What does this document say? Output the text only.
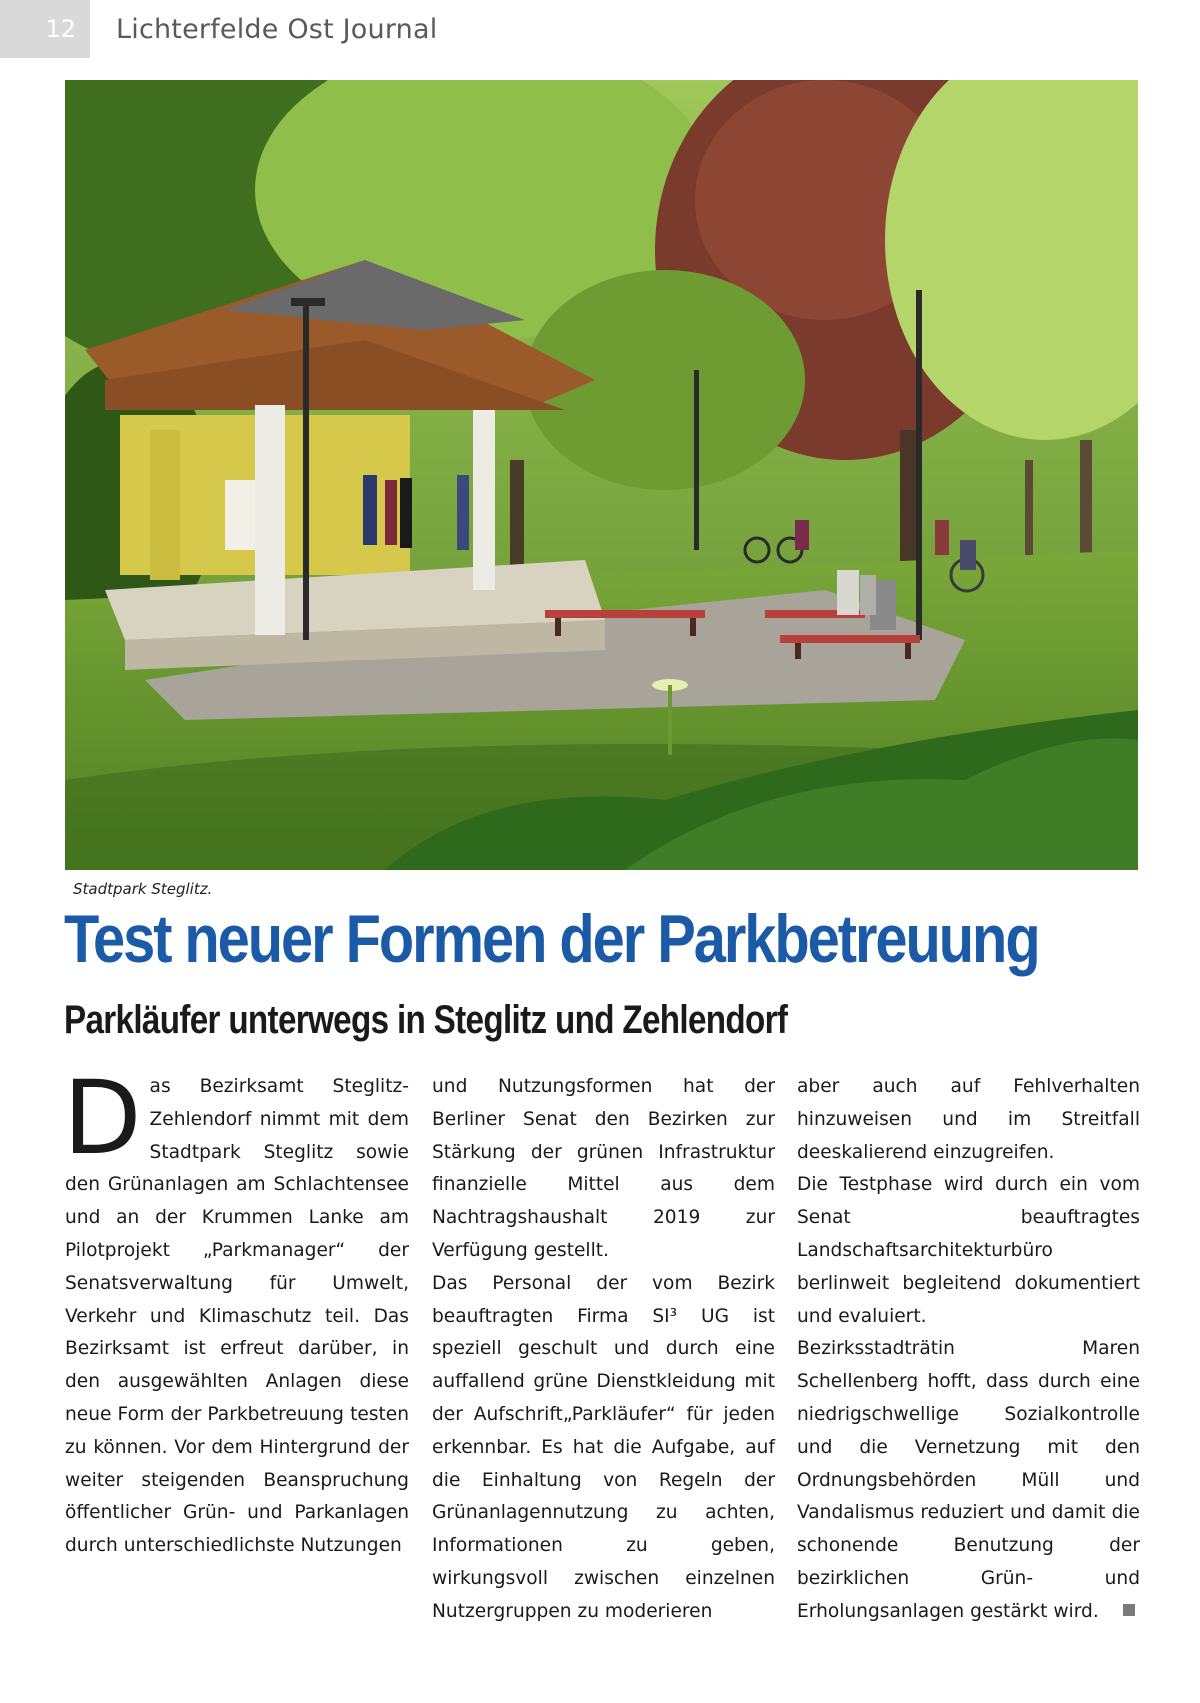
12	Lichterfelde Ost Journal
Stadtpark Steglitz.
Test neuer Formen der Parkbetreuung
Parkläufer unterwegs in Steglitz und Zehlendorf
D as Bezirksamt Steglitz-Zehlendorf nimmt mit dem Stadtpark Steglitz sowie den Grünanlagen am Schlachtensee und an der Krummen Lanke am Pilotprojekt „Parkmanager“ der Senatsverwaltung für Umwelt, Verkehr und Klimaschutz teil. Das Bezirksamt ist erfreut darüber, in den ausgewählten Anlagen diese neue Form der Parkbetreuung testen zu können. Vor dem Hintergrund der weiter steigenden Beanspruchung öffentlicher Grün- und Parkanlagen durch unterschiedlichste Nutzungen

und Nutzungsformen hat der Berliner Senat den Bezirken zur Stärkung der grünen Infrastruktur finanzielle Mittel aus dem Nachtragshaushalt 2019 zur Verfügung gestellt.

Das Personal der vom Bezirk beauftragten Firma SI³ UG ist speziell geschult und durch eine auffallend grüne Dienstkleidung mit der Aufschrift„Parkläufer“ für jeden erkennbar. Es hat die Aufgabe, auf die Einhaltung von Regeln der Grünanlagennutzung zu achten, Informationen zu geben, wirkungsvoll zwischen einzelnen Nutzergruppen zu moderieren

aber auch auf Fehlverhalten hinzuweisen und im Streitfall deeskalierend einzugreifen.

Die Testphase wird durch ein vom Senat beauftragtes Landschaftsarchitekturbüro berlinweit begleitend dokumentiert und evaluiert.

Bezirksstadträtin Maren Schellenberg hofft, dass durch eine niedrigschwellige Sozialkontrolle und die Vernetzung mit den Ordnungsbehörden Müll und Vandalismus reduziert und damit die schonende Benutzung der bezirklichen Grün- und Erholungsanlagen gestärkt wird.
